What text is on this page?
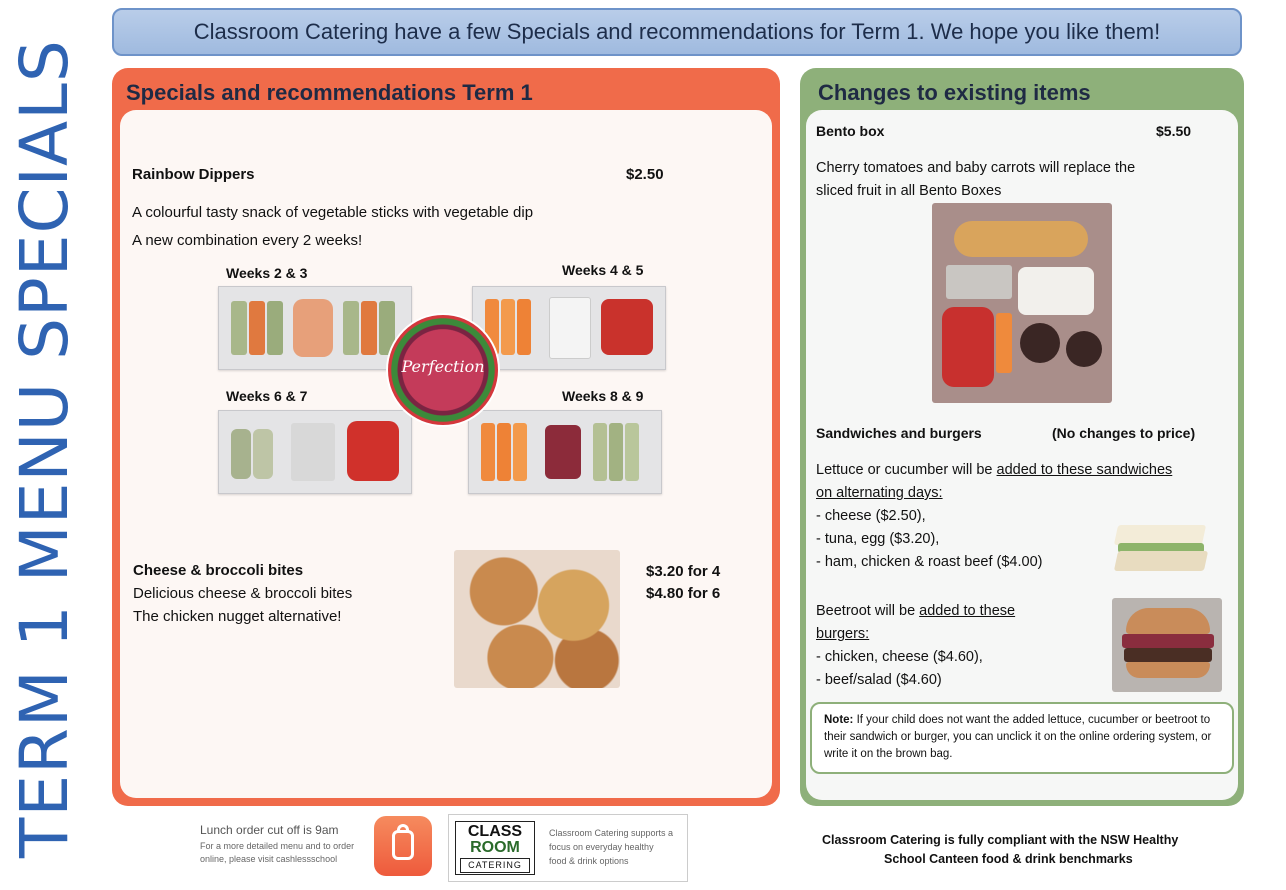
TERM 1 MENU SPECIALS
Classroom Catering have a few Specials and recommendations for Term 1. We hope you like them!
Specials and recommendations Term 1
Rainbow Dippers	$2.50
A colourful tasty snack of vegetable sticks with vegetable dip
A new combination every 2 weeks!
Weeks 2 & 3	Weeks 4 & 5
Weeks 6 & 7	Weeks 8 & 9
Perfection
Cheese & broccoli bites
Delicious cheese & broccoli bites
The chicken nugget alternative!
$3.20 for 4
$4.80 for 6
Changes to existing items
Bento box	$5.50
Cherry tomatoes and baby carrots will replace the
sliced fruit in all Bento Boxes
Sandwiches and burgers	(No changes to price)
Lettuce or cucumber will be added to these sandwiches
on alternating days:
- cheese ($2.50),
- tuna, egg ($3.20),
- ham, chicken & roast beef ($4.00)
Beetroot will be added to these
burgers:
- chicken, cheese ($4.60),
- beef/salad ($4.60)
Note: If your child does not want the added lettuce, cucumber or beetroot to their sandwich or burger, you can unclick it on the online ordering system, or write it on the brown bag.
Lunch order cut off is 9am
For a more detailed menu and to order
online, please visit cashlessschool
CLASS
ROOM
CATERING
Classroom Catering supports a
focus on everyday healthy
food & drink options
Classroom Catering is fully compliant with the NSW Healthy
School Canteen food & drink benchmarks
